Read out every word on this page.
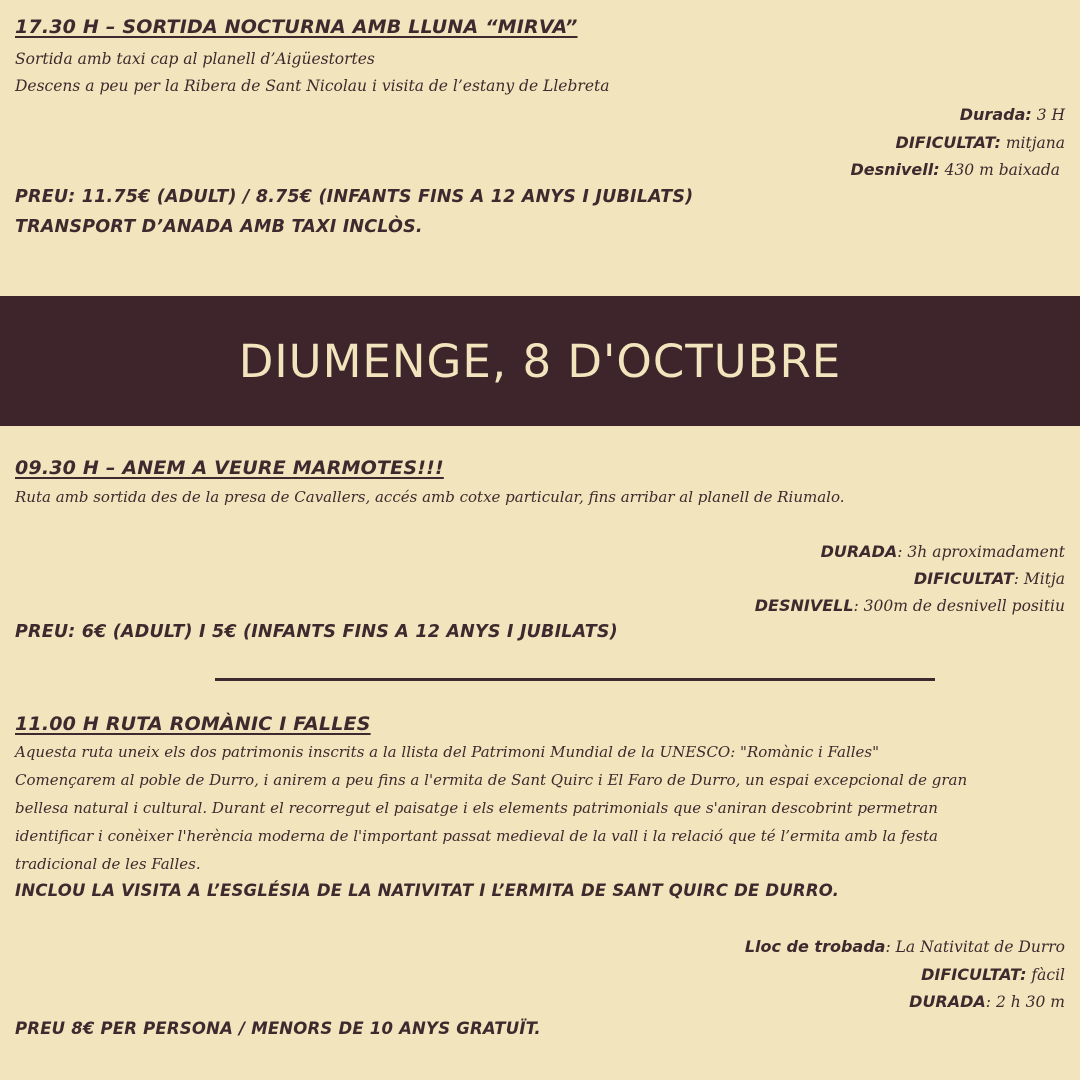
17.30 H – SORTIDA NOCTURNA AMB LLUNA “MIRVA”
Sortida amb taxi cap al planell d’Aigüestortes
Descens a peu per la Ribera de Sant Nicolau i visita de l’estany de Llebreta
Durada: 3 H
DIFICULTAT: mitjana
Desnivell: 430 m baixada
PREU: 11.75€ (ADULT) / 8.75€ (INFANTS FINS A 12 ANYS I JUBILATS)
TRANSPORT D’ANADA AMB TAXI INCLÒS.
DIUMENGE, 8 D'OCTUBRE
09.30 H – ANEM A VEURE MARMOTES!!!
Ruta amb sortida des de la presa de Cavallers, accés amb cotxe particular, fins arribar al planell de Riumalo.
DURADA: 3h aproximadament
DIFICULTAT: Mitja
DESNIVELL: 300m de desnivell positiu
PREU: 6€ (ADULT) I 5€ (INFANTS FINS A 12 ANYS I JUBILATS)
11.00 H RUTA ROMÀNIC I FALLES
Aquesta ruta uneix els dos patrimonis inscrits a la llista del Patrimoni Mundial de la UNESCO: "Romànic i Falles"
Començarem al poble de Durro, i anirem a peu fins a l'ermita de Sant Quirc i El Faro de Durro, un espai excepcional de gran
bellesa natural i cultural. Durant el recorregut el paisatge i els elements patrimonials que s'aniran descobrint permetran
identificar i conèixer l'herència moderna de l'important passat medieval de la vall i la relació que té l’ermita amb la festa
tradicional de les Falles.
INCLOU LA VISITA A L’ESGLÉSIA DE LA NATIVITAT I L’ERMITA DE SANT QUIRC DE DURRO.
Lloc de trobada: La Nativitat de Durro
DIFICULTAT: fàcil
DURADA: 2 h 30 m
PREU 8€ PER PERSONA / MENORS DE 10 ANYS GRATUÏT.
